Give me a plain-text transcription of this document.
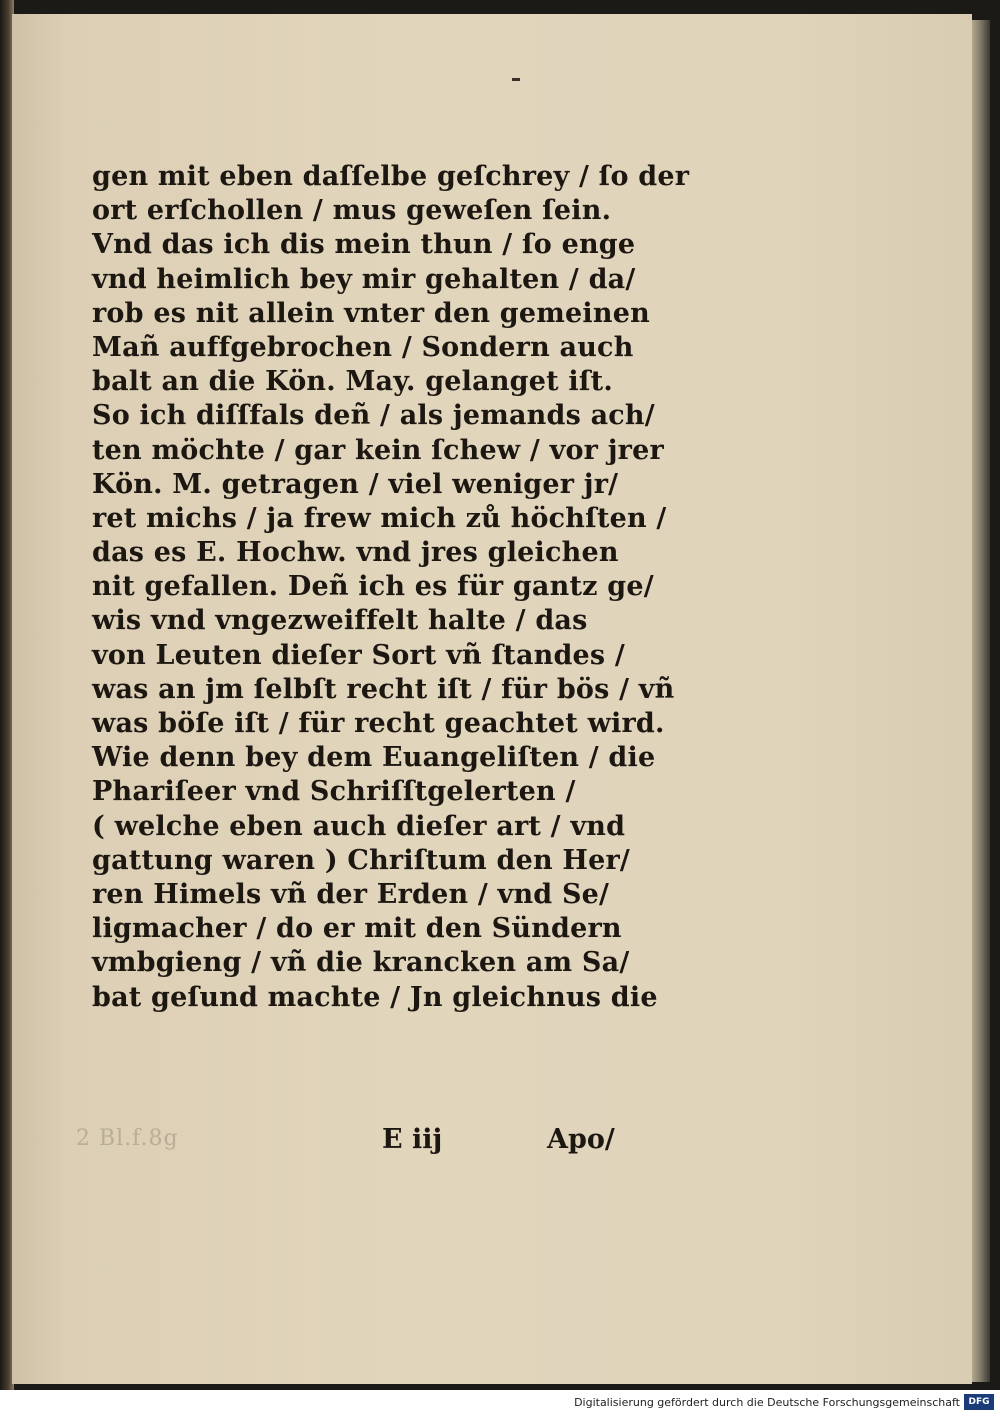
gen mit eben daſſelbe geſchrey / ſo der
ort erſchollen / mus geweſen ſein.
Vnd das ich dis mein thun / ſo enge
vnd heimlich bey mir gehalten / da/
rob es nit allein vnter den gemeinen
Mañ auffgebrochen / Sondern auch
balt an die Kön. May. gelanget iſt.
So ich diſſfals deñ / als jemands ach/
ten möchte / gar kein ſchew / vor jrer
Kön. M. getragen / viel weniger jr/
ret michs / ja frew mich zů höchſten /
das es E. Hochw. vnd jres gleichen
nit gefallen. Deñ ich es für gantz ge/
wis vnd vngezweiffelt halte / das
von Leuten dieſer Sort vñ ſtandes /
was an jm ſelbſt recht iſt / für bös / vñ
was böſe iſt / für recht geachtet wird.
Wie denn bey dem Euangeliſten / die
Phariſeer vnd Schriſſtgelerten /
( welche eben auch dieſer art / vnd
gattung waren ) Chriſtum den Her/
ren Himels vñ der Erden / vnd Se/
ligmacher / do er mit den Sündern
vmbgieng / vñ die krancken am Sa/
bat geſund machte / Jn gleichnus die
2 Bl.f.8g	E iij	Apo/
Digitalisierung gefördert durch die Deutsche Forschungsgemeinschaft DFG
